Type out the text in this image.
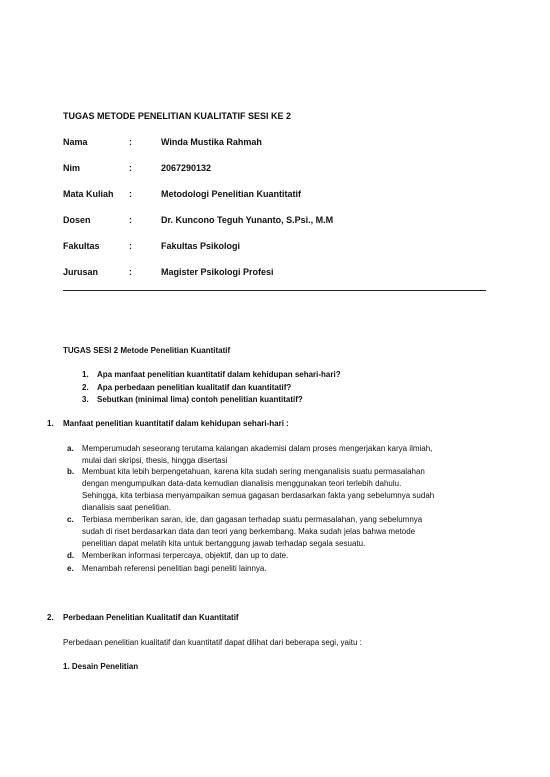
TUGAS METODE PENELITIAN KUALITATIF SESI KE 2
Nama	:	Winda Mustika Rahmah
Nim	:	2067290132
Mata Kuliah :	Metodologi Penelitian Kuantitatif
Dosen	:	Dr. Kuncono Teguh Yunanto, S.Psi., M.M
Fakultas	:	Fakultas Psikologi
Jurusan	:	Magister Psikologi Profesi
TUGAS SESI 2 Metode Penelitian Kuantitatif
1. Apa manfaat penelitian kuantitatif dalam kehidupan sehari-hari?
2. Apa perbedaan penelitian kualitatif dan kuantitatif?
3. Sebutkan (minimal lima) contoh penelitian kuantitatif?
1. Manfaat penelitian kuantitatif dalam kehidupan sehari-hari :
a. Memperumudah seseorang terutama kalangan akademisi dalam proses mengerjakan karya ilmiah,
mulai dari skripsi, thesis, hingga disertasi
b. Membuat kita lebih berpengetahuan, karena kita sudah sering menganalisis suatu permasalahan
dengan mengumpulkan data-data kemudian dianalisis menggunakan teori terlebih dahulu.
Sehingga, kita terbiasa menyampaikan semua gagasan berdasarkan fakta yang sebelumnya sudah
dianalisis saat penelitian.
c. Terbiasa memberikan saran, ide, dan gagasan terhadap suatu permasalahan, yang sebelumnya
sudah di riset berdasarkan data dan teori yang berkembang. Maka sudah jelas bahwa metode
penelitian dapat melatih kita untuk bertanggung jawab terhadap segala sesuatu.
d. Memberikan informasi terpercaya, objektif, dan up to date.
e. Menambah referensi penelitian bagi peneliti lainnya.
2. Perbedaan Penelitian Kualitatif dan Kuantitatif
Perbedaan penelitian kualitatif dan kuantitatif dapat dilihat dari beberapa segi, yaitu :
1. Desain Penelitian
